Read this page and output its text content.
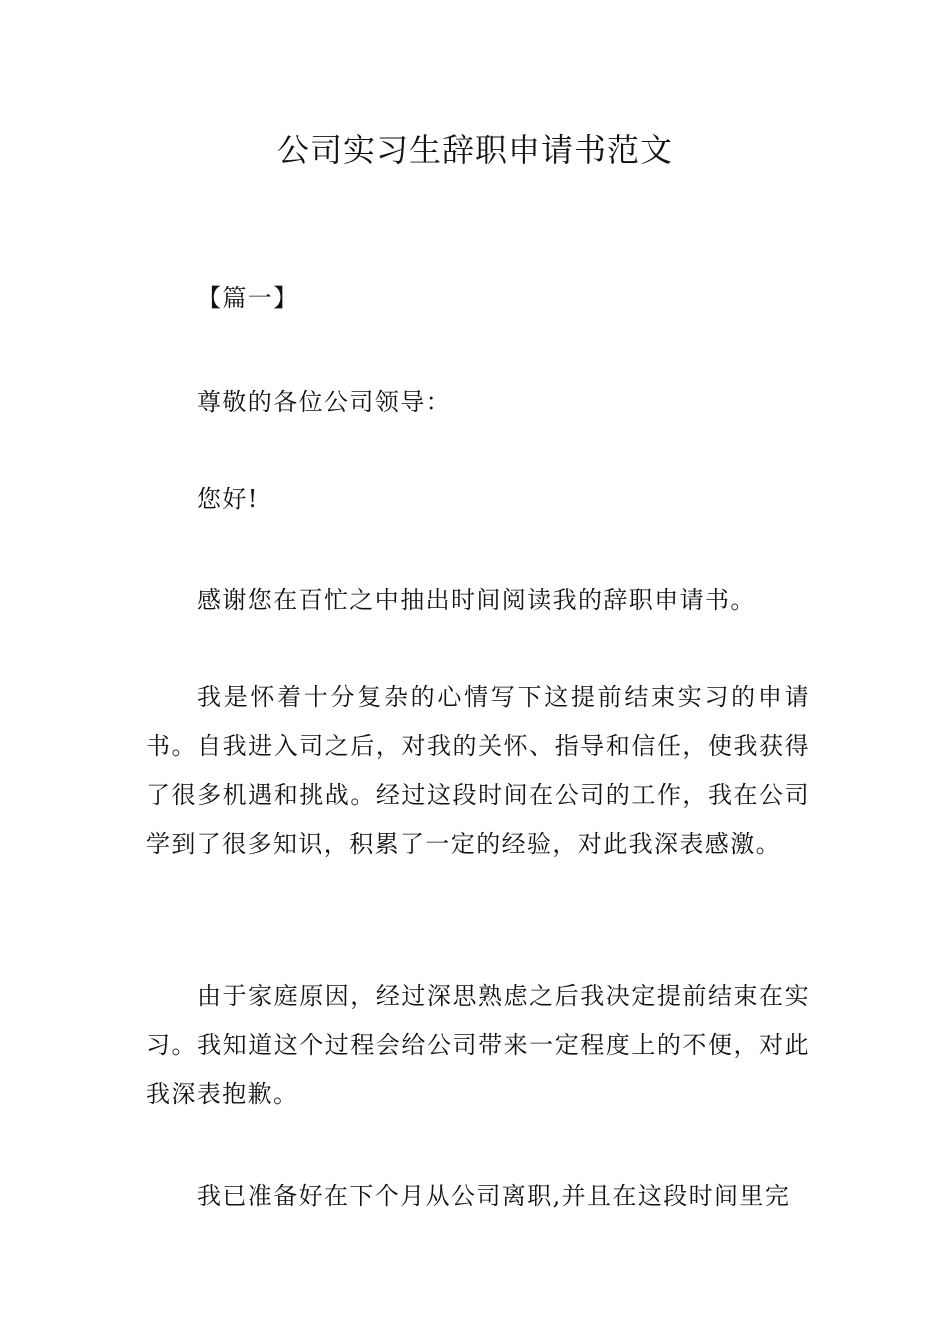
公司实习生辞职申请书范文

【篇一】

尊敬的各位公司领导：

您好!

感谢您在百忙之中抽出时间阅读我的辞职申请书。

我是怀着十分复杂的心情写下这提前结束实习的申请书。自我进入司之后，对我的关怀、指导和信任，使我获得了很多机遇和挑战。经过这段时间在公司的工作，我在公司学到了很多知识，积累了一定的经验，对此我深表感激。

由于家庭原因，经过深思熟虑之后我决定提前结束在实习。我知道这个过程会给公司带来一定程度上的不便，对此我深表抱歉。

我已准备好在下个月从公司离职,并且在这段时间里完
